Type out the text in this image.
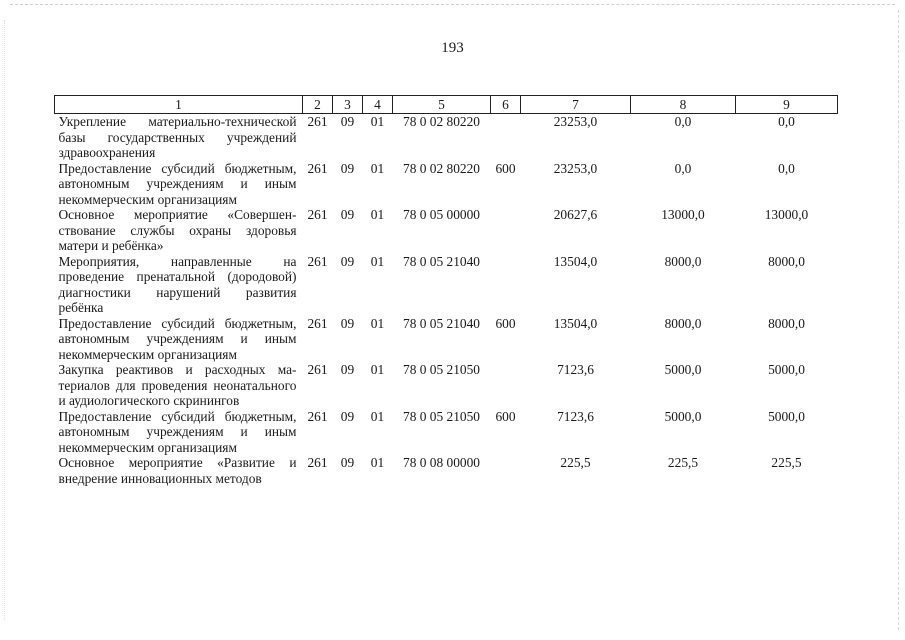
193
1	2	3	4	5	6	7	8	9
Укрепление материально-технической базы государственных учреждений здравоохранения	261	09	01	78 0 02 80220		23253,0	0,0	0,0
Предоставление субсидий бюджетным, автономным учреждениям и иным некоммерческим организациям	261	09	01	78 0 02 80220	600	23253,0	0,0	0,0
Основное мероприятие «Совершенствование службы охраны здоровья матери и ребёнка»	261	09	01	78 0 05 00000		20627,6	13000,0	13000,0
Мероприятия, направленные на проведение пренатальной (дородовой) диагностики нарушений развития ребёнка	261	09	01	78 0 05 21040		13504,0	8000,0	8000,0
Предоставление субсидий бюджетным, автономным учреждениям и иным некоммерческим организациям	261	09	01	78 0 05 21040	600	13504,0	8000,0	8000,0
Закупка реактивов и расходных материалов для проведения неонатального и аудиологического скринингов	261	09	01	78 0 05 21050		7123,6	5000,0	5000,0
Предоставление субсидий бюджетным, автономным учреждениям и иным некоммерческим организациям	261	09	01	78 0 05 21050	600	7123,6	5000,0	5000,0
Основное мероприятие «Развитие и внедрение инновационных методов	261	09	01	78 0 08 00000		225,5	225,5	225,5
